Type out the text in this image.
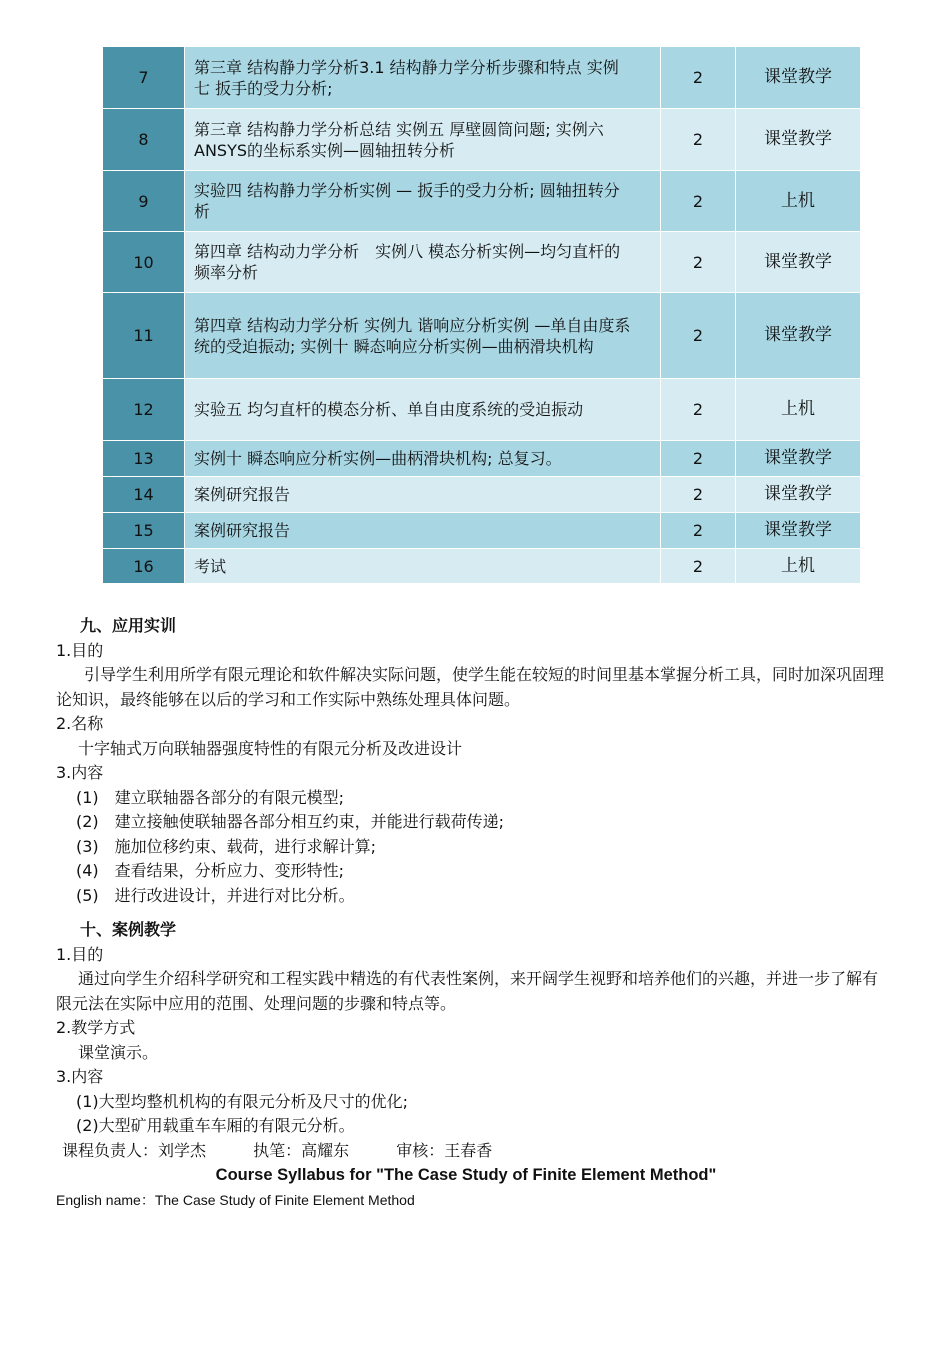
7	第三章 结构静力学分析3.1 结构静力学分析步骤和特点 实例七 扳手的受力分析;	2	课堂教学
8	第三章 结构静力学分析总结 实例五 厚壁圆筒问题; 实例六 ANSYS的坐标系实例—圆轴扭转分析	2	课堂教学
9	实验四 结构静力学分析实例 — 扳手的受力分析; 圆轴扭转分析	2	上机
10	第四章 结构动力学分析　实例八 模态分析实例—均匀直杆的频率分析	2	课堂教学
11	第四章 结构动力学分析 实例九 谐响应分析实例 —单自由度系统的受迫振动; 实例十 瞬态响应分析实例—曲柄滑块机构	2	课堂教学
12	实验五 均匀直杆的模态分析、单自由度系统的受迫振动	2	上机
13	实例十 瞬态响应分析实例—曲柄滑块机构; 总复习。	2	课堂教学
14	案例研究报告	2	课堂教学
15	案例研究报告	2	课堂教学
16	考试	2	上机

九、应用实训

1.目的

引导学生利用所学有限元理论和软件解决实际问题，使学生能在较短的时间里基本掌握分析工具，同时加深巩固理论知识，最终能够在以后的学习和工作实际中熟练处理具体问题。

2.名称

十字轴式万向联轴器强度特性的有限元分析及改进设计

3.内容

(1)　建立联轴器各部分的有限元模型;

(2)　建立接触使联轴器各部分相互约束，并能进行载荷传递;

(3)　施加位移约束、载荷，进行求解计算;

(4)　查看结果，分析应力、变形特性;

(5)　进行改进设计，并进行对比分析。

十、案例教学

1.目的

通过向学生介绍科学研究和工程实践中精选的有代表性案例，来开阔学生视野和培养他们的兴趣，并进一步了解有限元法在实际中应用的范围、处理问题的步骤和特点等。

2.教学方式

课堂演示。

3.内容

(1)大型均整机机构的有限元分析及尺寸的优化;

(2)大型矿用载重车车厢的有限元分析。

课程负责人：刘学杰	执笔：高耀东	审核：王春香

Course Syllabus for "The Case Study of Finite Element Method"

English name：The Case Study of Finite Element Method
